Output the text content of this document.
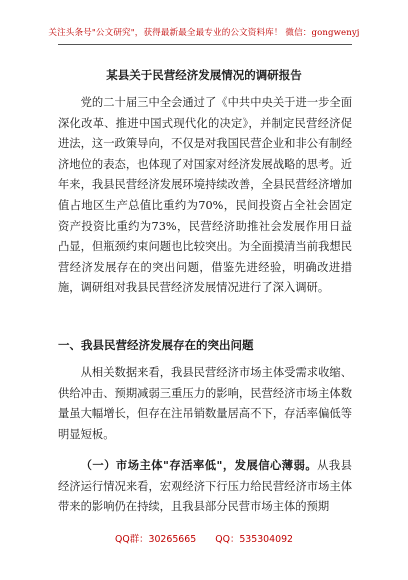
关注头条号"公文研究"，获得最新最全最专业的公文资料库！ 微信：gongwenyj
某县关于民营经济发展情况的调研报告
党的二十届三中全会通过了《中共中央关于进一步全面深化改革、推进中国式现代化的决定》，并制定民营经济促进法，这一政策导向，不仅是对我国民营企业和非公有制经济地位的表态，也体现了对国家对经济发展战略的思考。近年来，我县民营经济发展环境持续改善，全县民营经济增加值占地区生产总值比重约为70%，民间投资占全社会固定资产投资比重约为73%，民营经济助推社会发展作用日益凸显，但瓶颈约束问题也比较突出。为全面摸清当前我想民营经济发展存在的突出问题，借鉴先进经验，明确改进措施，调研组对我县民营经济发展情况进行了深入调研。
一、我县民营经济发展存在的突出问题
从相关数据来看，我县民营经济市场主体受需求收缩、供给冲击、预期减弱三重压力的影响，民营经济市场主体数量虽大幅增长，但存在注吊销数量居高不下，存活率偏低等明显短板。
（一）市场主体"存活率低"，发展信心薄弱。从我县经济运行情况来看，宏观经济下行压力给民营经济市场主体带来的影响仍在持续，且我县部分民营市场主体的预期
QQ群：30265665 QQ：535304092
